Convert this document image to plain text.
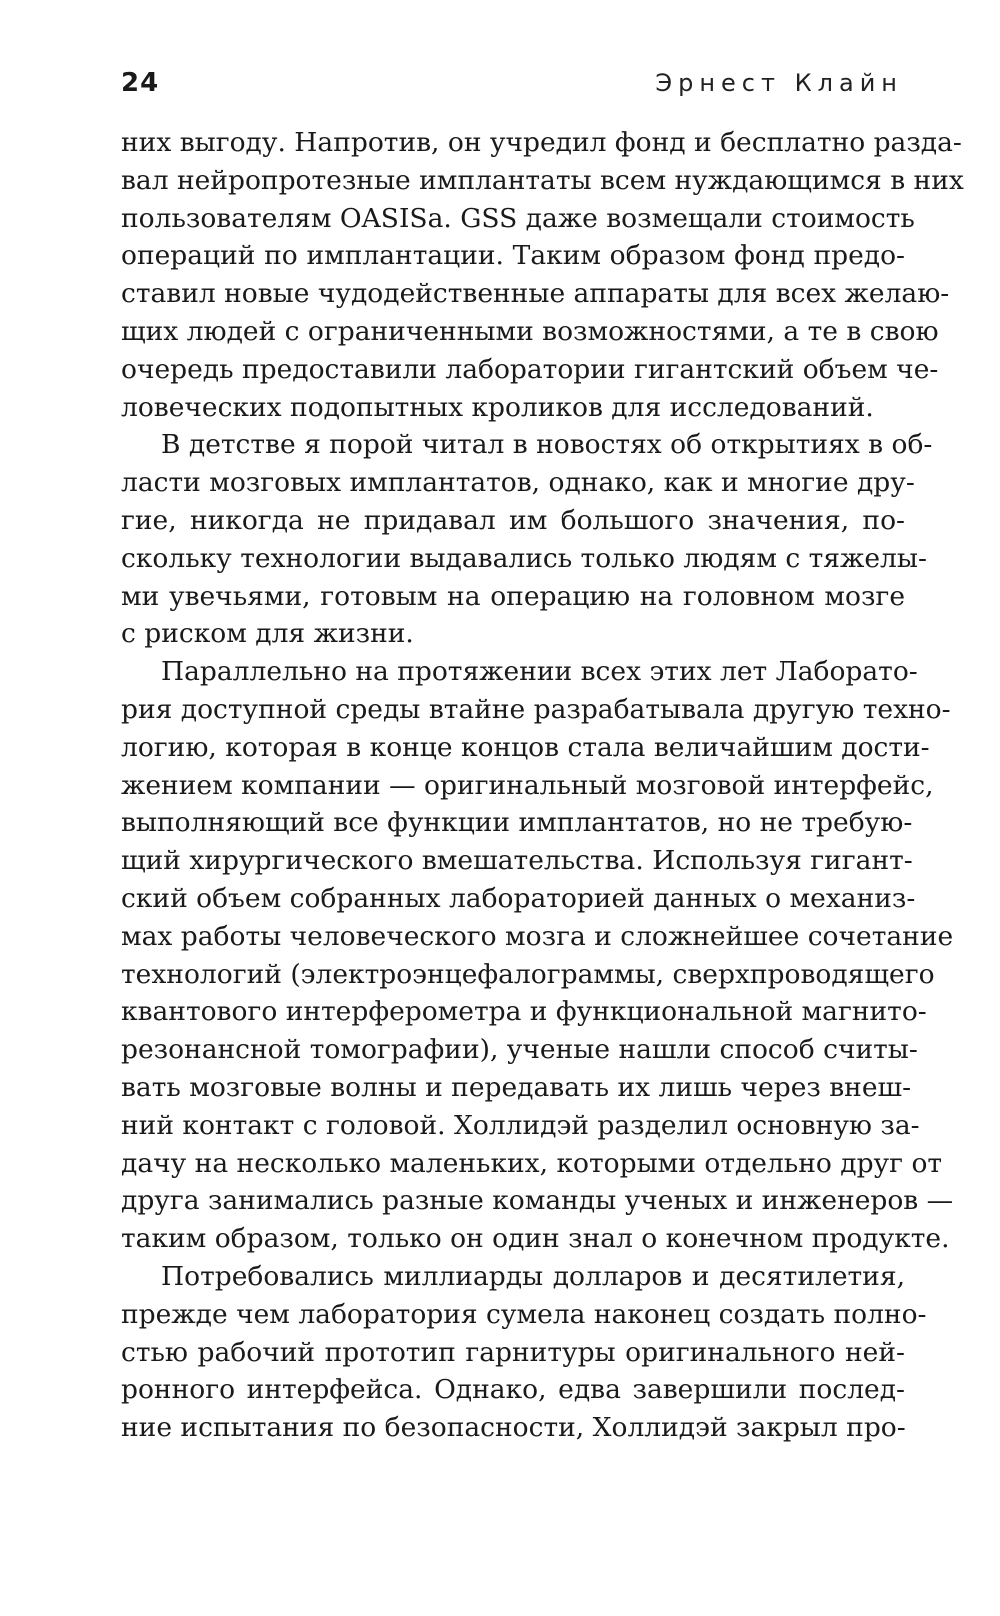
24	Эрнест Клайн
них выгоду. Напротив, он учредил фонд и бесплатно разда-
вал нейропротезные имплантаты всем нуждающимся в них
пользователям OASISа. GSS даже возмещали стоимость
операций по имплантации. Таким образом фонд предо-
ставил новые чудодейственные аппараты для всех желаю-
щих людей с ограниченными возможностями, а те в свою
очередь предоставили лаборатории гигантский объем че-
ловеческих подопытных кроликов для исследований.
В детстве я порой читал в новостях об открытиях в об-
ласти мозговых имплантатов, однако, как и многие дру-
гие, никогда не придавал им большого значения, по-
скольку технологии выдавались только людям с тяжелы-
ми увечьями, готовым на операцию на головном мозге
с риском для жизни.
Параллельно на протяжении всех этих лет Лаборато-
рия доступной среды втайне разрабатывала другую техно-
логию, которая в конце концов стала величайшим дости-
жением компании — оригинальный мозговой интерфейс,
выполняющий все функции имплантатов, но не требую-
щий хирургического вмешательства. Используя гигант-
ский объем собранных лабораторией данных о механиз-
мах работы человеческого мозга и сложнейшее сочетание
технологий (электроэнцефалограммы, сверхпроводящего
квантового интерферометра и функциональной магнито-
резонансной томографии), ученые нашли способ считы-
вать мозговые волны и передавать их лишь через внеш-
ний контакт с головой. Холлидэй разделил основную за-
дачу на несколько маленьких, которыми отдельно друг от
друга занимались разные команды ученых и инженеров —
таким образом, только он один знал о конечном продукте.
Потребовались миллиарды долларов и десятилетия,
прежде чем лаборатория сумела наконец создать полно-
стью рабочий прототип гарнитуры оригинального ней-
ронного интерфейса. Однако, едва завершили послед-
ние испытания по безопасности, Холлидэй закрыл про-
